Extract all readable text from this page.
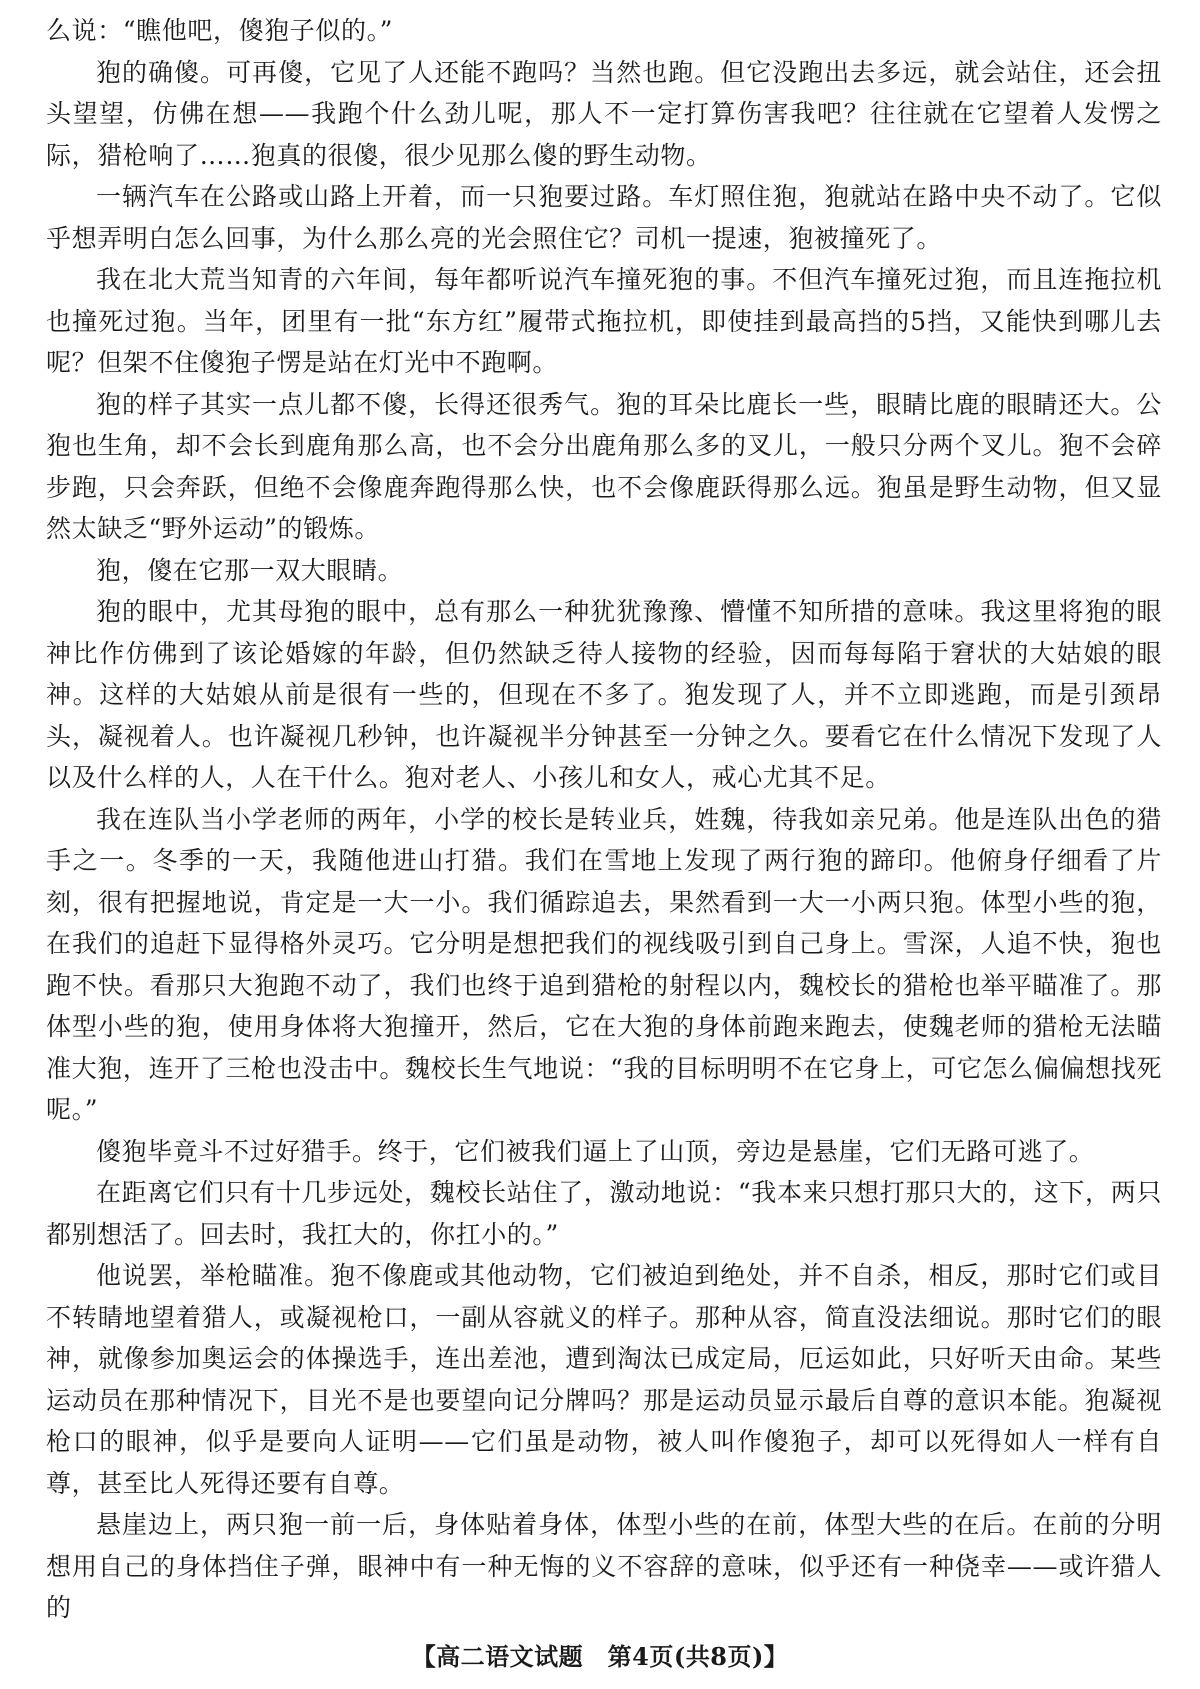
么说：“瞧他吧，傻狍子似的。”

狍的确傻。可再傻，它见了人还能不跑吗？当然也跑。但它没跑出去多远，就会站住，还会扭头望望，仿佛在想——我跑个什么劲儿呢，那人不一定打算伤害我吧？往往就在它望着人发愣之际，猎枪响了……狍真的很傻，很少见那么傻的野生动物。

一辆汽车在公路或山路上开着，而一只狍要过路。车灯照住狍，狍就站在路中央不动了。它似乎想弄明白怎么回事，为什么那么亮的光会照住它？司机一提速，狍被撞死了。

我在北大荒当知青的六年间，每年都听说汽车撞死狍的事。不但汽车撞死过狍，而且连拖拉机也撞死过狍。当年，团里有一批“东方红”履带式拖拉机，即使挂到最高挡的5挡，又能快到哪儿去呢？但架不住傻狍子愣是站在灯光中不跑啊。

狍的样子其实一点儿都不傻，长得还很秀气。狍的耳朵比鹿长一些，眼睛比鹿的眼睛还大。公狍也生角，却不会长到鹿角那么高，也不会分出鹿角那么多的叉儿，一般只分两个叉儿。狍不会碎步跑，只会奔跃，但绝不会像鹿奔跑得那么快，也不会像鹿跃得那么远。狍虽是野生动物，但又显然太缺乏“野外运动”的锻炼。

狍，傻在它那一双大眼睛。

狍的眼中，尤其母狍的眼中，总有那么一种犹犹豫豫、懵懂不知所措的意味。我这里将狍的眼神比作仿佛到了该论婚嫁的年龄，但仍然缺乏待人接物的经验，因而每每陷于窘状的大姑娘的眼神。这样的大姑娘从前是很有一些的，但现在不多了。狍发现了人，并不立即逃跑，而是引颈昂头，凝视着人。也许凝视几秒钟，也许凝视半分钟甚至一分钟之久。要看它在什么情况下发现了人以及什么样的人，人在干什么。狍对老人、小孩儿和女人，戒心尤其不足。

我在连队当小学老师的两年，小学的校长是转业兵，姓魏，待我如亲兄弟。他是连队出色的猎手之一。冬季的一天，我随他进山打猎。我们在雪地上发现了两行狍的蹄印。他俯身仔细看了片刻，很有把握地说，肯定是一大一小。我们循踪追去，果然看到一大一小两只狍。体型小些的狍，在我们的追赶下显得格外灵巧。它分明是想把我们的视线吸引到自己身上。雪深，人追不快，狍也跑不快。看那只大狍跑不动了，我们也终于追到猎枪的射程以内，魏校长的猎枪也举平瞄准了。那体型小些的狍，使用身体将大狍撞开，然后，它在大狍的身体前跑来跑去，使魏老师的猎枪无法瞄准大狍，连开了三枪也没击中。魏校长生气地说：“我的目标明明不在它身上，可它怎么偏偏想找死呢。”

傻狍毕竟斗不过好猎手。终于，它们被我们逼上了山顶，旁边是悬崖，它们无路可逃了。

在距离它们只有十几步远处，魏校长站住了，激动地说：“我本来只想打那只大的，这下，两只都别想活了。回去时，我扛大的，你扛小的。”

他说罢，举枪瞄准。狍不像鹿或其他动物，它们被迫到绝处，并不自杀，相反，那时它们或目不转睛地望着猎人，或凝视枪口，一副从容就义的样子。那种从容，简直没法细说。那时它们的眼神，就像参加奥运会的体操选手，连出差池，遭到淘汰已成定局，厄运如此，只好听天由命。某些运动员在那种情况下，目光不是也要望向记分牌吗？那是运动员显示最后自尊的意识本能。狍凝视枪口的眼神，似乎是要向人证明——它们虽是动物，被人叫作傻狍子，却可以死得如人一样有自尊，甚至比人死得还要有自尊。

悬崖边上，两只狍一前一后，身体贴着身体，体型小些的在前，体型大些的在后。在前的分明想用自己的身体挡住子弹，眼神中有一种无悔的义不容辞的意味，似乎还有一种侥幸——或许猎人的

【高二语文试题　第4页(共8页)】
